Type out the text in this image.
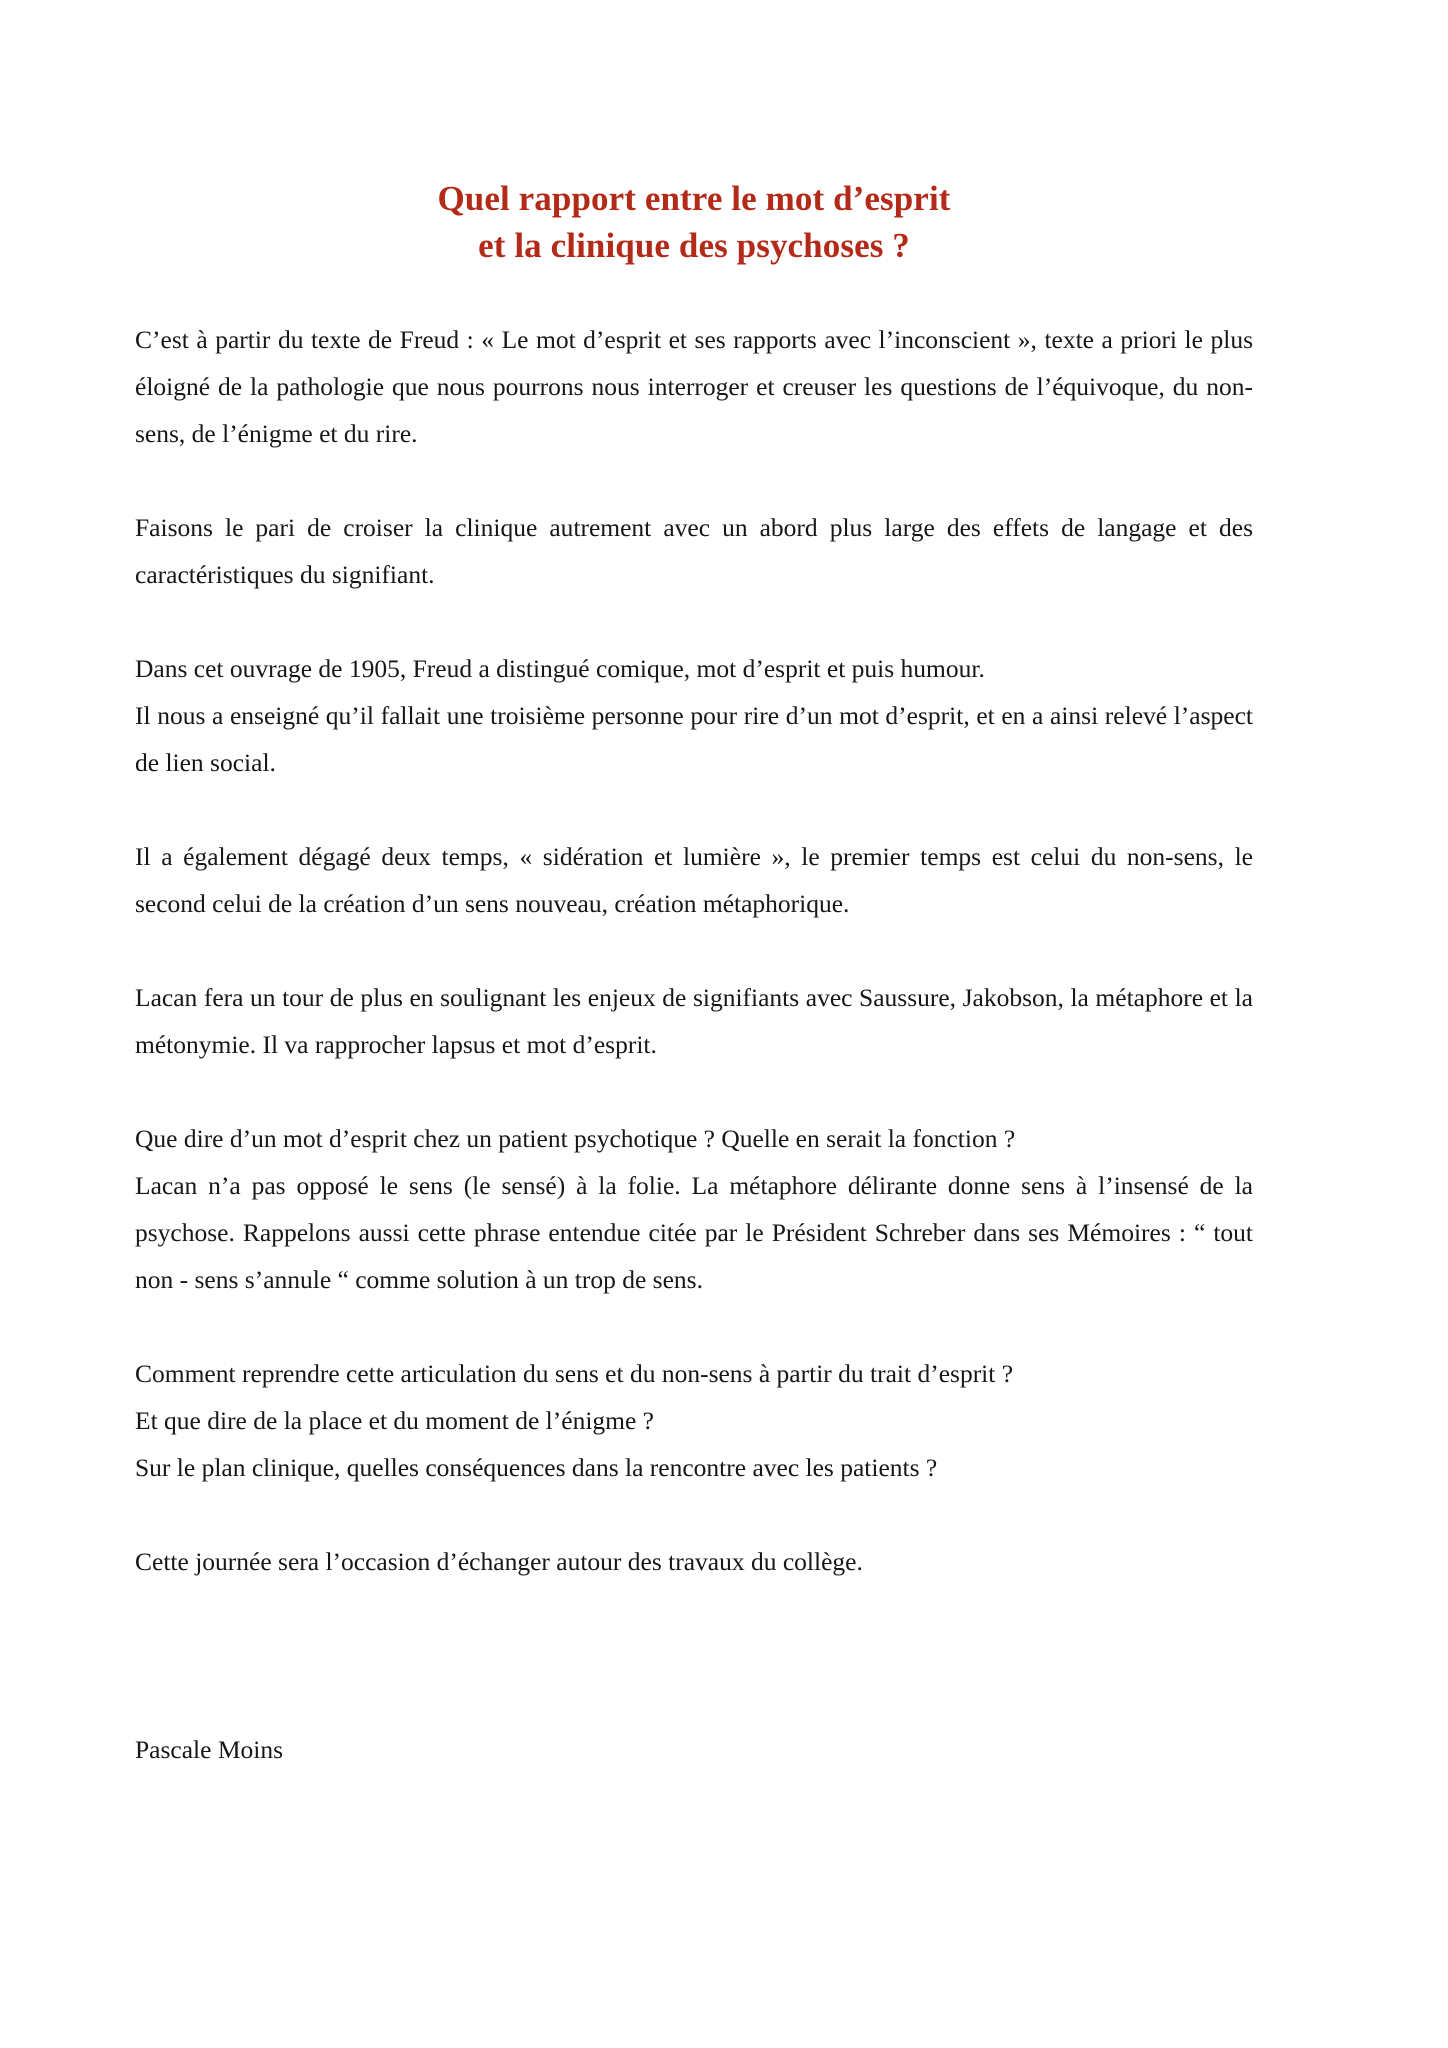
Quel rapport entre le mot d’esprit
et la clinique des psychoses ?

C’est à partir du texte de Freud : « Le mot d’esprit et ses rapports avec l’inconscient », texte a priori le plus éloigné de la pathologie que nous pourrons nous interroger et creuser les questions de l’équivoque, du non-sens, de l’énigme et du rire.

Faisons le pari de croiser la clinique autrement avec un abord plus large des effets de langage et des caractéristiques du signifiant.

Dans cet ouvrage de 1905, Freud a distingué comique, mot d’esprit et puis humour.

Il nous a enseigné qu’il fallait une troisième personne pour rire d’un mot d’esprit, et en a ainsi relevé l’aspect de lien social.

Il a également dégagé deux temps, « sidération et lumière », le premier temps est celui du non-sens, le second celui de la création d’un sens nouveau, création métaphorique.

Lacan fera un tour de plus en soulignant les enjeux de signifiants avec Saussure, Jakobson, la métaphore et la métonymie. Il va rapprocher lapsus et mot d’esprit.

Que dire d’un mot d’esprit chez un patient psychotique ? Quelle en serait la fonction ?

Lacan n’a pas opposé le sens (le sensé) à la folie. La métaphore délirante donne sens à l’insensé de la psychose. Rappelons aussi cette phrase entendue citée par le Président Schreber dans ses Mémoires : “ tout non - sens s’annule “ comme solution à un trop de sens.

Comment reprendre cette articulation du sens et du non-sens à partir du trait d’esprit ?

Et que dire de la place et du moment de l’énigme ?

Sur le plan clinique, quelles conséquences dans la rencontre avec les patients ?

Cette journée sera l’occasion d’échanger autour des travaux du collège.

Pascale Moins
